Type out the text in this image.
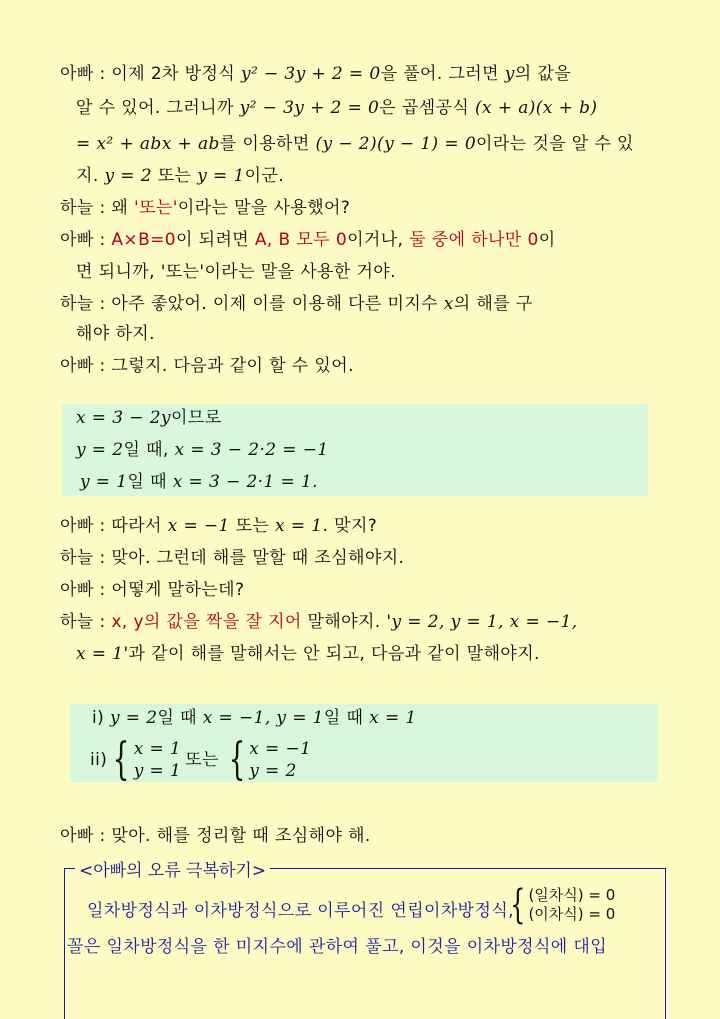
아빠 : 이제 2차 방정식 y² − 3y + 2 = 0을 풀어. 그러면 y의 값을
알 수 있어. 그러니까 y² − 3y + 2 = 0은 곱셈공식 (x + a)(x + b)
= x² + abx + ab를 이용하면 (y − 2)(y − 1) = 0이라는 것을 알 수 있
지. y = 2 또는 y = 1이군.
하늘 : 왜 '또는'이라는 말을 사용했어?
아빠 : A×B=0이 되려면 A, B 모두 0이거나, 둘 중에 하나만 0이
면 되니까, '또는'이라는 말을 사용한 거야.
하늘 : 아주 좋았어. 이제 이를 이용해 다른 미지수 x의 해를 구
해야 하지.
아빠 : 그렇지. 다음과 같이 할 수 있어.
x = 3 − 2y이므로
y = 2일 때, x = 3 − 2·2 = −1
y = 1일 때 x = 3 − 2·1 = 1.
아빠 : 따라서 x = −1 또는 x = 1. 맞지?
하늘 : 맞아. 그런데 해를 말할 때 조심해야지.
아빠 : 어떻게 말하는데?
하늘 : x, y의 값을 짝을 잘 지어 말해야지. 'y = 2, y = 1, x = −1,
x = 1'과 같이 해를 말해서는 안 되고, 다음과 같이 말해야지.
i) y = 2일 때 x = −1, y = 1일 때 x = 1
ii) { x = 1
y = 1
또는 { x = −1
y = 2
아빠 : 맞아. 해를 정리할 때 조심해야 해.
<아빠의 오류 극복하기>
일차방정식과 이차방정식으로 이루어진 연립이차방정식,
{ (일차식) = 0
(이차식) = 0
꼴은 일차방정식을 한 미지수에 관하여 풀고, 이것을 이차방정식에 대입
